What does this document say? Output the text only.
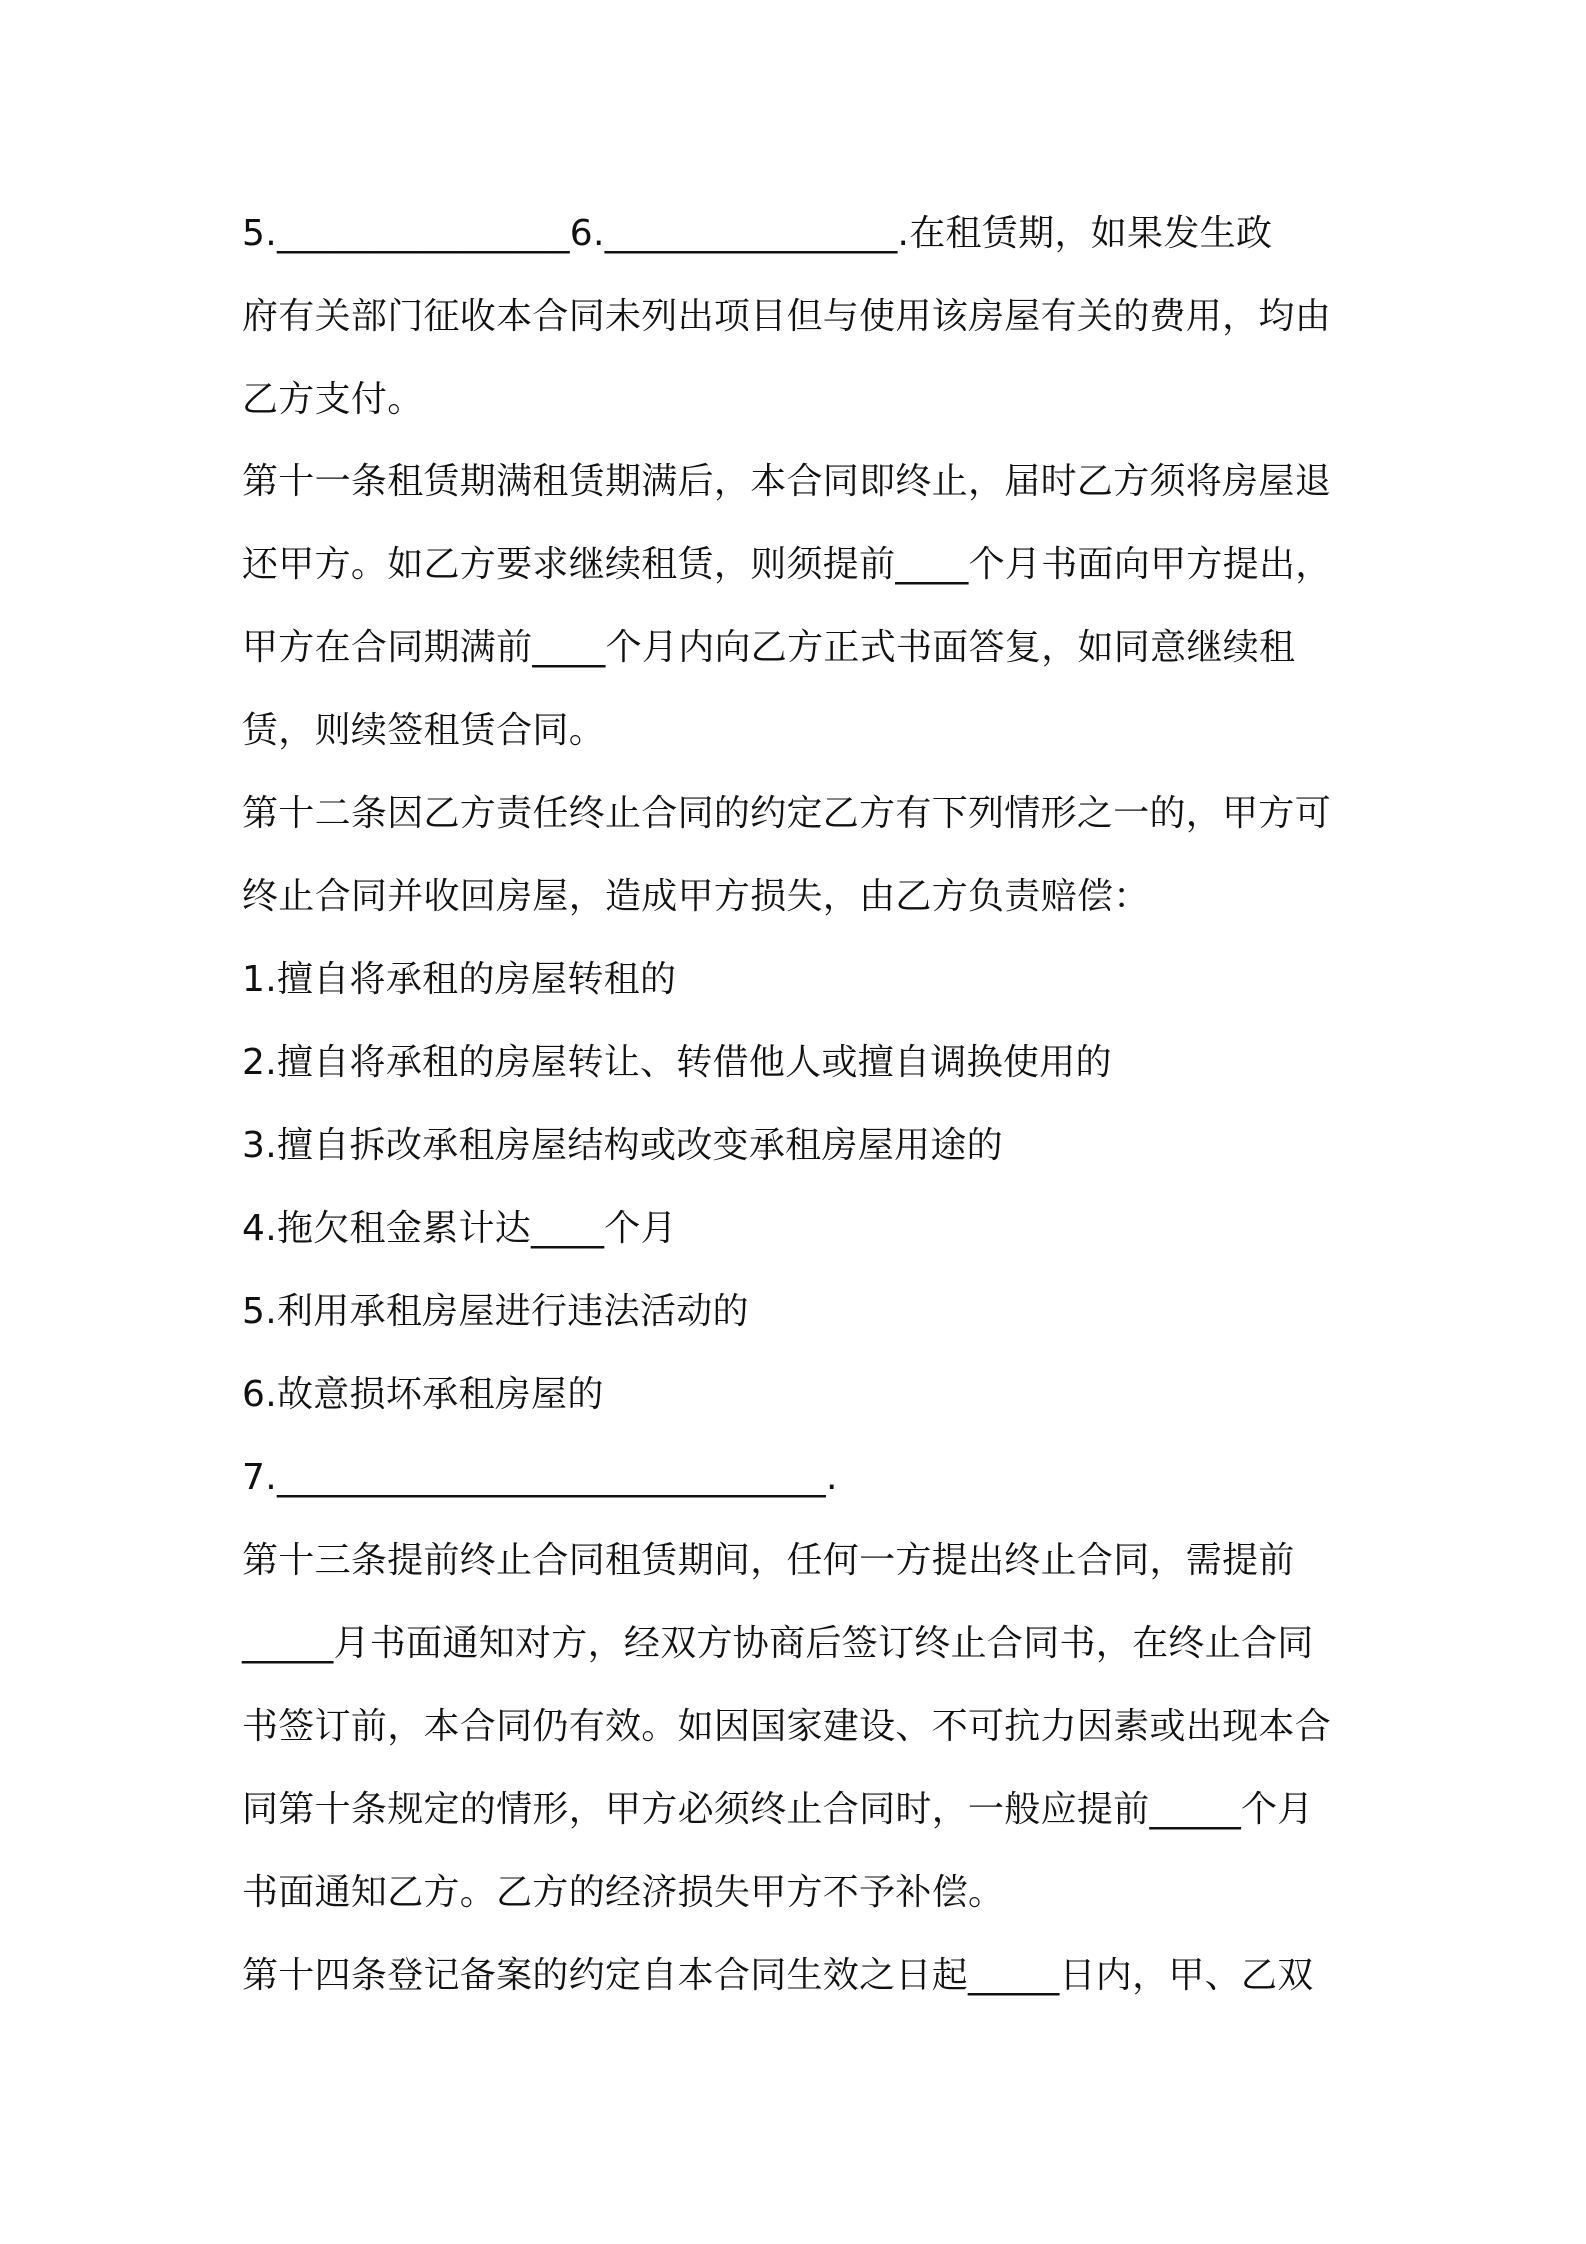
5.________________6.________________.在租赁期，如果发生政
府有关部门征收本合同未列出项目但与使用该房屋有关的费用，均由
乙方支付。
第十一条租赁期满租赁期满后，本合同即终止，届时乙方须将房屋退
还甲方。如乙方要求继续租赁，则须提前____个月书面向甲方提出，
甲方在合同期满前____个月内向乙方正式书面答复，如同意继续租
赁，则续签租赁合同。
第十二条因乙方责任终止合同的约定乙方有下列情形之一的，甲方可
终止合同并收回房屋，造成甲方损失，由乙方负责赔偿：
1.擅自将承租的房屋转租的
2.擅自将承租的房屋转让、转借他人或擅自调换使用的
3.擅自拆改承租房屋结构或改变承租房屋用途的
4.拖欠租金累计达____个月
5.利用承租房屋进行违法活动的
6.故意损坏承租房屋的
7.______________________________.
第十三条提前终止合同租赁期间，任何一方提出终止合同，需提前
_____月书面通知对方，经双方协商后签订终止合同书，在终止合同
书签订前，本合同仍有效。如因国家建设、不可抗力因素或出现本合
同第十条规定的情形，甲方必须终止合同时，一般应提前_____个月
书面通知乙方。乙方的经济损失甲方不予补偿。
第十四条登记备案的约定自本合同生效之日起_____日内，甲、乙双
